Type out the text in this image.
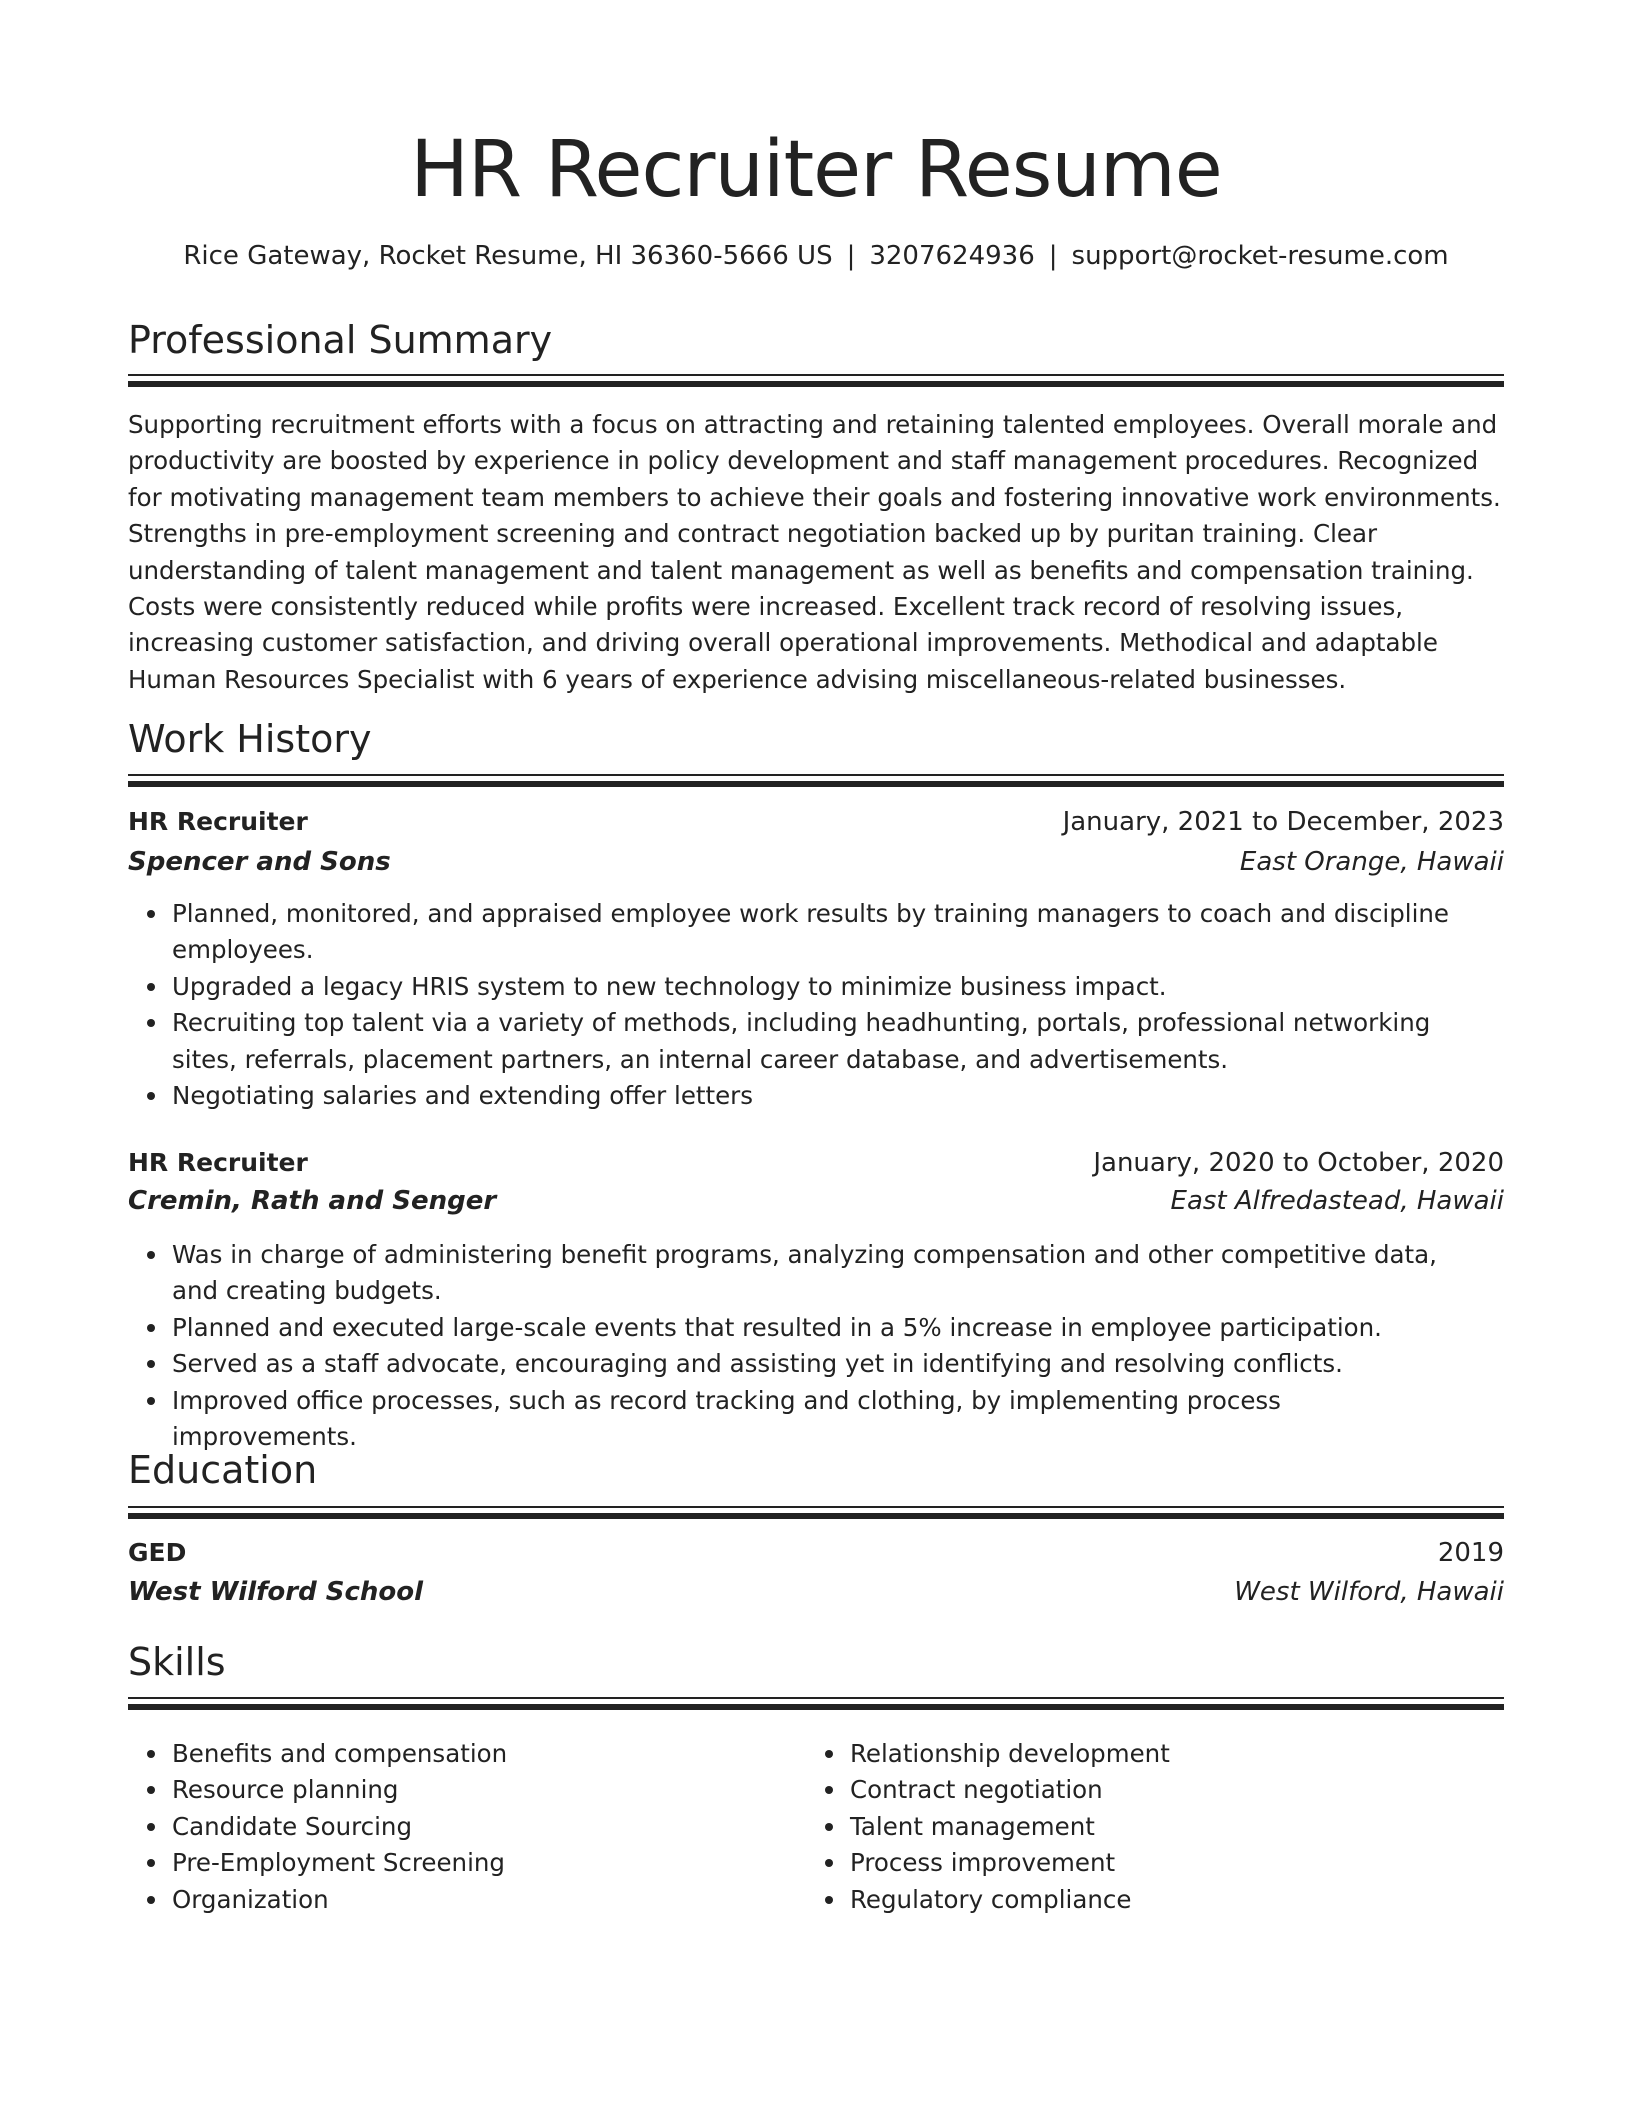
HR Recruiter Resume
Rice Gateway, Rocket Resume, HI 36360-5666 US | 3207624936 | support@rocket-resume.com
Professional Summary

Supporting recruitment efforts with a focus on attracting and retaining talented employees. Overall morale and productivity are boosted by experience in policy development and staff management procedures. Recognized for motivating management team members to achieve their goals and fostering innovative work environments. Strengths in pre-employment screening and contract negotiation backed up by puritan training. Clear understanding of talent management and talent management as well as benefits and compensation training. Costs were consistently reduced while profits were increased. Excellent track record of resolving issues, increasing customer satisfaction, and driving overall operational improvements. Methodical and adaptable Human Resources Specialist with 6 years of experience advising miscellaneous-related businesses.

Work History
HR Recruiter	January, 2021 to December, 2023
Spencer and Sons	East Orange, Hawaii
Planned, monitored, and appraised employee work results by training managers to coach and discipline employees.
Upgraded a legacy HRIS system to new technology to minimize business impact.
Recruiting top talent via a variety of methods, including headhunting, portals, professional networking sites, referrals, placement partners, an internal career database, and advertisements.
Negotiating salaries and extending offer letters
HR Recruiter	January, 2020 to October, 2020
Cremin, Rath and Senger	East Alfredastead, Hawaii
Was in charge of administering benefit programs, analyzing compensation and other competitive data, and creating budgets.
Planned and executed large-scale events that resulted in a 5% increase in employee participation.
Served as a staff advocate, encouraging and assisting yet in identifying and resolving conflicts.
Improved office processes, such as record tracking and clothing, by implementing process improvements.
Education
GED	2019
West Wilford School	West Wilford, Hawaii
Skills
Benefits and compensation
Resource planning
Candidate Sourcing
Pre-Employment Screening
Organization
Relationship development
Contract negotiation
Talent management
Process improvement
Regulatory compliance
